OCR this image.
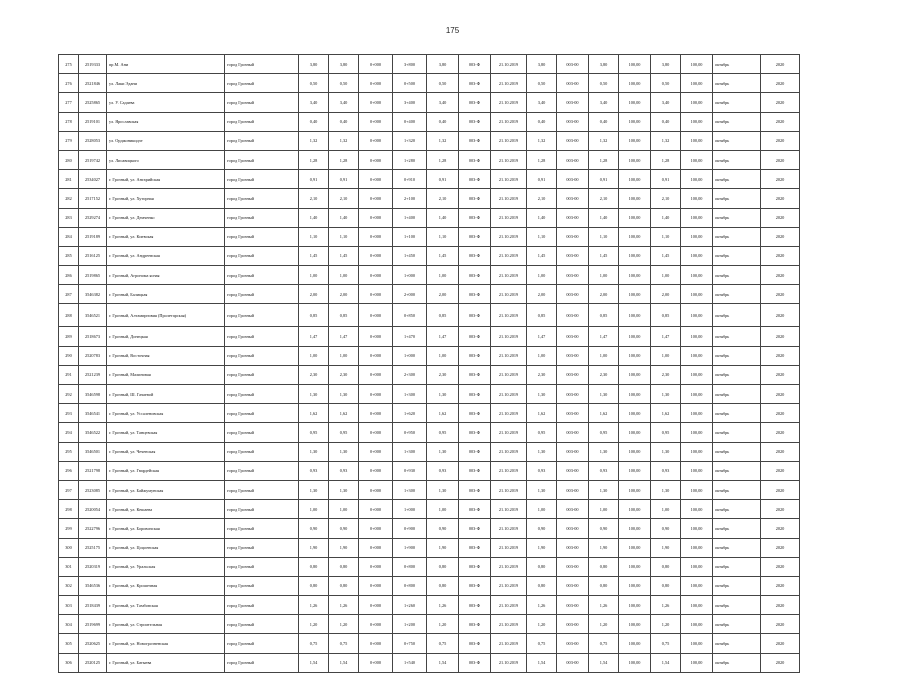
175
275	2519333	пр.М. Ани	город Грозный	3,80	3,80	0+000	3+800	3,80	003-Ф	21.10.2019	3,80	003-00	3,80	100,00	3,80	100,00	октябрь	2020
276	2521846	ул. Лаки Эдани	город Грозный	0,50	0,50	0+000	0+500	0,50	003-Ф	21.10.2019	0,50	003-00	0,50	100,00	0,50	100,00	октябрь	2020
277	2525865	ул. У. Садаева	город Грозный	3,40	3,40	0+000	3+400	3,40	003-Ф	21.10.2019	3,40	003-00	3,40	100,00	3,40	100,00	октябрь	2020
278	2519101	ул. Ярославская	город Грозный	0,40	0,40	0+000	0+400	0,40	003-Ф	21.10.2019	0,40	003-00	0,40	100,00	0,40	100,00	октябрь	2020
279	2528053	ул. Орджоникидзе	город Грозный	1,32	1,32	0+000	1+320	1,32	003-Ф	21.10.2019	1,32	003-00	1,32	100,00	1,32	100,00	октябрь	2020
280	2519742	ул. Лисавицкого	город Грозный	1,28	1,28	0+000	1+280	1,28	003-Ф	21.10.2019	1,28	003-00	1,28	100,00	1,28	100,00	октябрь	2020
281	2534027	г. Грозный, ул. Ангарийская	город Грозный	0,91	0,91	0+000	0+910	0,91	003-Ф	21.10.2019	0,91	003-00	0,91	100,00	0,91	100,00	октябрь	2020
282	2517152	г. Грозный, ул. Хуторная	город Грозный	2,10	2,10	0+000	2+100	2,10	003-Ф	21.10.2019	2,10	003-00	2,10	100,00	2,10	100,00	октябрь	2020
283	2529274	г. Грозный, ул. Демченко	город Грозный	1,40	1,40	0+000	1+400	1,40	003-Ф	21.10.2019	1,40	003-00	1,40	100,00	1,40	100,00	октябрь	2020
284	2519189	г. Грозный, ул. Киевская	город Грозный	1,10	1,10	0+000	1+100	1,10	003-Ф	21.10.2019	1,10	003-00	1,10	100,00	1,10	100,00	октябрь	2020
285	2516125	г. Грозный, ул. Андреевская	город Грозный	1,45	1,45	0+000	1+450	1,45	003-Ф	21.10.2019	1,45	003-00	1,45	100,00	1,45	100,00	октябрь	2020
286	2519865	г. Грозный, Агронома ясная	город Грозный	1,00	1,00	0+000	1+000	1,00	003-Ф	21.10.2019	1,00	003-00	1,00	100,00	1,00	100,00	октябрь	2020
287	3546382	г. Грозный, Балицкая	город Грозный	2,00	2,00	0+000	2+000	2,00	003-Ф	21.10.2019	2,00	003-00	2,00	100,00	2,00	100,00	октябрь	2020
288	3546521	г. Грозный, Алтамиргивия (Пролетарская)	город Грозный	0,85	0,85	0+000	0+850	0,85	003-Ф	21.10.2019	0,85	003-00	0,85	100,00	0,85	100,00	октябрь	2020
289	2518673	г. Грозный, Донецкая	город Грозный	1,47	1,47	0+000	1+470	1,47	003-Ф	21.10.2019	1,47	003-00	1,47	100,00	1,47	100,00	октябрь	2020
290	2520783	г. Грозный, Восточная	город Грозный	1,00	1,00	0+000	1+000	1,00	003-Ф	21.10.2019	1,00	003-00	1,00	100,00	1,00	100,00	октябрь	2020
291	2521239	г. Грозный, Малиновая	город Грозный	2,30	2,30	0+000	2+300	2,30	003-Ф	21.10.2019	2,30	003-00	2,30	100,00	2,30	100,00	октябрь	2020
292	3546598	г. Грозный, Ш. Гачаевой	город Грозный	1,30	1,30	0+000	1+300	1,30	003-Ф	21.10.2019	1,30	003-00	1,30	100,00	1,30	100,00	октябрь	2020
293	3546541	г. Грозный, ул. Уссаленовская	город Грозный	1,62	1,62	0+000	1+620	1,62	003-Ф	21.10.2019	1,62	003-00	1,62	100,00	1,62	100,00	октябрь	2020
294	3546522	г. Грозный, ул. Танцевская	город Грозный	0,95	0,95	0+000	0+950	0,95	003-Ф	21.10.2019	0,95	003-00	0,95	100,00	0,95	100,00	октябрь	2020
295	3546501	г. Грозный, ул. Чеченская	город Грозный	1,30	1,30	0+000	1+300	1,30	003-Ф	21.10.2019	1,30	003-00	1,30	100,00	1,30	100,00	октябрь	2020
296	2521798	г. Грозный, ул. Гвардейская	город Грозный	0,93	0,93	0+000	0+930	0,93	003-Ф	21.10.2019	0,93	003-00	0,93	100,00	0,93	100,00	октябрь	2020
297	2523085	г. Грозный, ул. Байжумунская	город Грозный	1,30	1,30	0+000	1+300	1,30	003-Ф	21.10.2019	1,30	003-00	1,30	100,00	1,30	100,00	октябрь	2020
298	2520054	г. Грозный, ул. Кешаева	город Грозный	1,00	1,00	0+000	1+000	1,00	003-Ф	21.10.2019	1,00	003-00	1,00	100,00	1,00	100,00	октябрь	2020
299	2522796	г. Грозный, ул. Боровичская	город Грозный	0,90	0,90	0+000	0+900	0,90	003-Ф	21.10.2019	0,90	003-00	0,90	100,00	0,90	100,00	октябрь	2020
300	2525175	г. Грозный, ул. Цоцоенская	город Грозный	1,90	1,90	0+000	1+900	1,90	003-Ф	21.10.2019	1,90	003-00	1,90	100,00	1,90	100,00	октябрь	2020
301	2520319	г. Грозный, ул. Уральская	город Грозный	0,80	0,80	0+000	0+800	0,80	003-Ф	21.10.2019	0,80	003-00	0,80	100,00	0,80	100,00	октябрь	2020
302	3546536	г. Грозный, ул. Крошечная	город Грозный	0,80	0,80	0+000	0+800	0,80	003-Ф	21.10.2019	0,80	003-00	0,80	100,00	0,80	100,00	октябрь	2020
303	2518439	г. Грозный, ул. Тамбовская	город Грозный	1,26	1,26	0+000	1+260	1,26	003-Ф	21.10.2019	1,26	003-00	1,26	100,00	1,26	100,00	октябрь	2020
304	2519699	г. Грозный, ул. Строительная	город Грозный	1,20	1,20	0+000	1+200	1,20	003-Ф	21.10.2019	1,20	003-00	1,20	100,00	1,20	100,00	октябрь	2020
305	2520625	г. Грозный, ул. Новогрозненская	город Грозный	0,75	0,75	0+000	0+750	0,75	003-Ф	21.10.2019	0,75	003-00	0,75	100,00	0,75	100,00	октябрь	2020
306	2520125	г. Грозный, ул. Батыева	город Грозный	1,54	1,54	0+000	1+540	1,54	003-Ф	21.10.2019	1,54	003-00	1,54	100,00	1,54	100,00	октябрь	2020
